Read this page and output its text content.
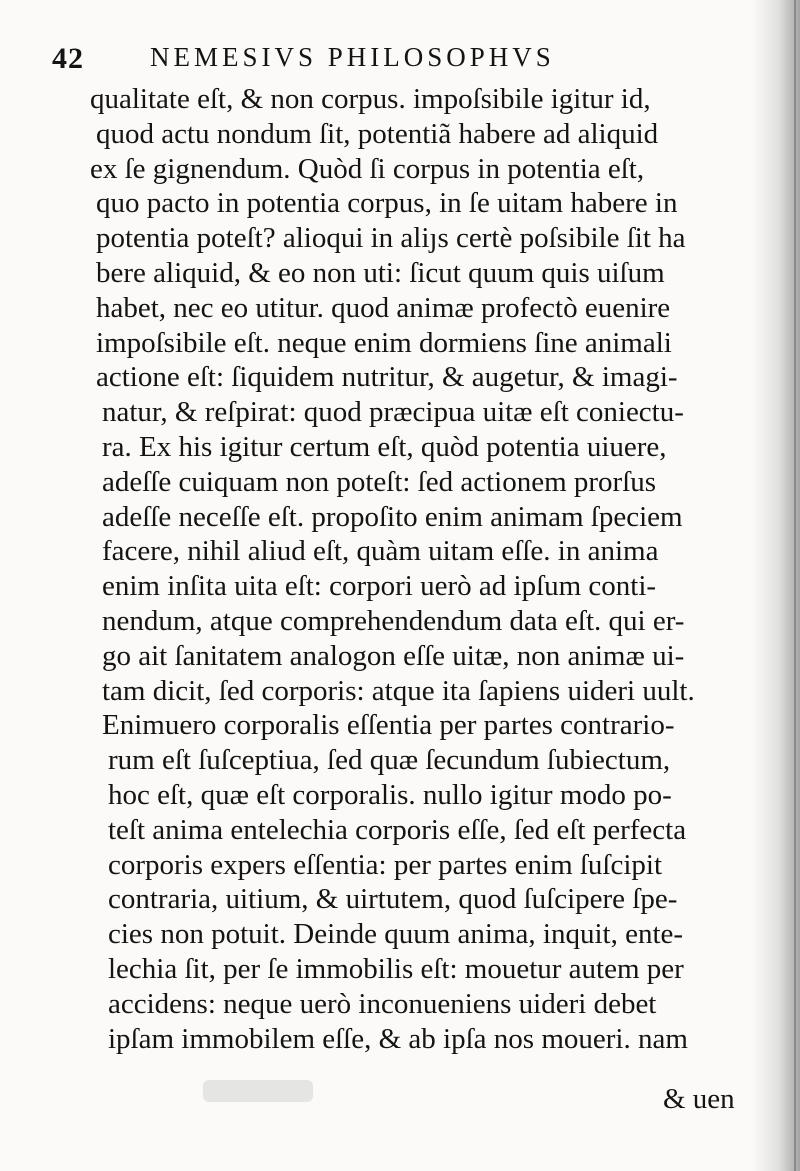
42 NEMESIVS PHILOSOPHVS
qualitate eſt, & non corpus. impoſsibile igitur id,
quod actu nondum ſit, potentiã habere ad aliquid
ex ſe gignendum. Quòd ſi corpus in potentia eſt,
quo pacto in potentia corpus, in ſe uitam habere in
potentia poteſt? alioqui in aliȷs certè poſsibile ſit ha
bere aliquid, & eo non uti: ſicut quum quis uiſum
habet, nec eo utitur. quod animæ profectò euenire
impoſsibile eſt. neque enim dormiens ſine animali
actione eſt: ſiquidem nutritur, & augetur, & imagi-
natur, & reſpirat: quod præcipua uitæ eſt coniectu-
ra. Ex his igitur certum eſt, quòd potentia uiuere,
adeſſe cuiquam non poteſt: ſed actionem prorſus
adeſſe neceſſe eſt. propoſito enim animam ſpeciem
facere, nihil aliud eſt, quàm uitam eſſe. in anima
enim inſita uita eſt: corpori uerò ad ipſum conti-
nendum, atque comprehendendum data eſt. qui er-
go ait ſanitatem analogon eſſe uitæ, non animæ ui-
tam dicit, ſed corporis: atque ita ſapiens uideri uult.
Enimuero corporalis eſſentia per partes contrario-
rum eſt ſuſceptiua, ſed quæ ſecundum ſubiectum,
hoc eſt, quæ eſt corporalis. nullo igitur modo po-
teſt anima entelechia corporis eſſe, ſed eſt perfecta
corporis expers eſſentia: per partes enim ſuſcipit
contraria, uitium, & uirtutem, quod ſuſcipere ſpe-
cies non potuit. Deinde quum anima, inquit, ente-
lechia ſit, per ſe immobilis eſt: mouetur autem per
accidens: neque uerò inconueniens uideri debet
ipſam immobilem eſſe, & ab ipſa nos moueri. nam
& uen
